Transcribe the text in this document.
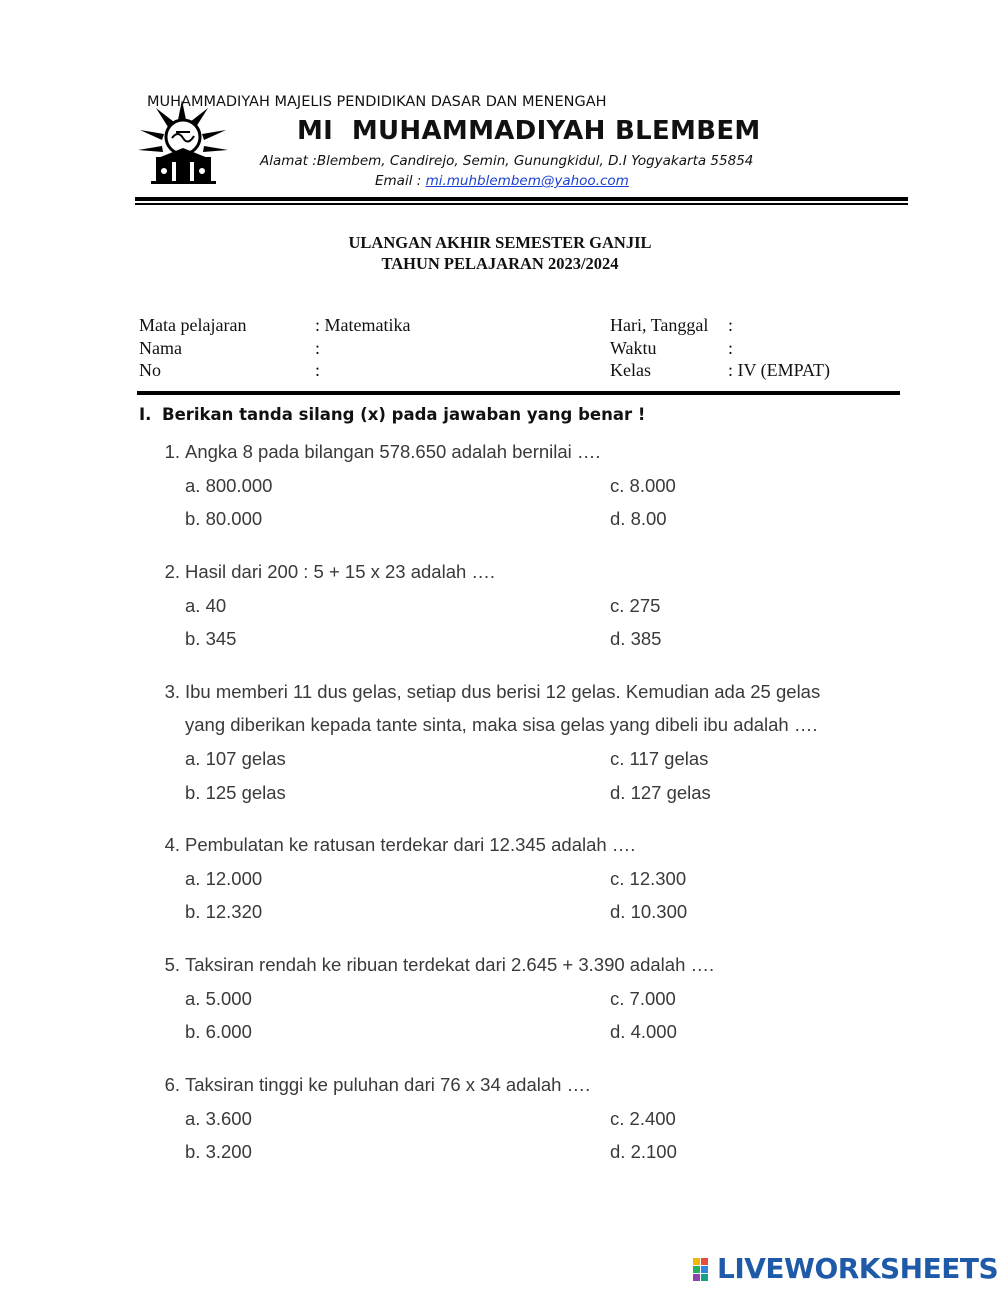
MUHAMMADIYAH MAJELIS PENDIDIKAN DASAR DAN MENENGAH
MI  MUHAMMADIYAH BLEMBEM
Alamat :Blembem, Candirejo, Semin, Gunungkidul, D.I Yogyakarta 55854
Email : mi.muhblembem@yahoo.com
ULANGAN AKHIR SEMESTER GANJIL
TAHUN PELAJARAN 2023/2024
Mata pelajaran	: Matematika
Nama	:
No	:
Hari, Tanggal :
Waktu	:
Kelas	: IV (EMPAT)
I. Berikan tanda silang (x) pada jawaban yang benar !
1. Angka 8 pada bilangan 578.650 adalah bernilai ….
a. 800.000
b. 80.000
c. 8.000
d. 8.00
2. Hasil dari 200 : 5 + 15 x 23 adalah ….
a. 40
b. 345
c. 275
d. 385
3. Ibu memberi 11 dus gelas, setiap dus berisi 12 gelas. Kemudian ada 25 gelas
yang diberikan kepada tante sinta, maka sisa gelas yang dibeli ibu adalah ….
a. 107 gelas
b. 125 gelas
c. 117 gelas
d. 127 gelas
4. Pembulatan ke ratusan terdekar dari 12.345 adalah ….
a. 12.000
b. 12.320
c. 12.300
d. 10.300
5. Taksiran rendah ke ribuan terdekat dari 2.645 + 3.390 adalah ….
a. 5.000
b. 6.000
c. 7.000
d. 4.000
6. Taksiran tinggi ke puluhan dari 76 x 34 adalah ….
a. 3.600
b. 3.200
c. 2.400
d. 2.100
LIVEWORKSHEETS
